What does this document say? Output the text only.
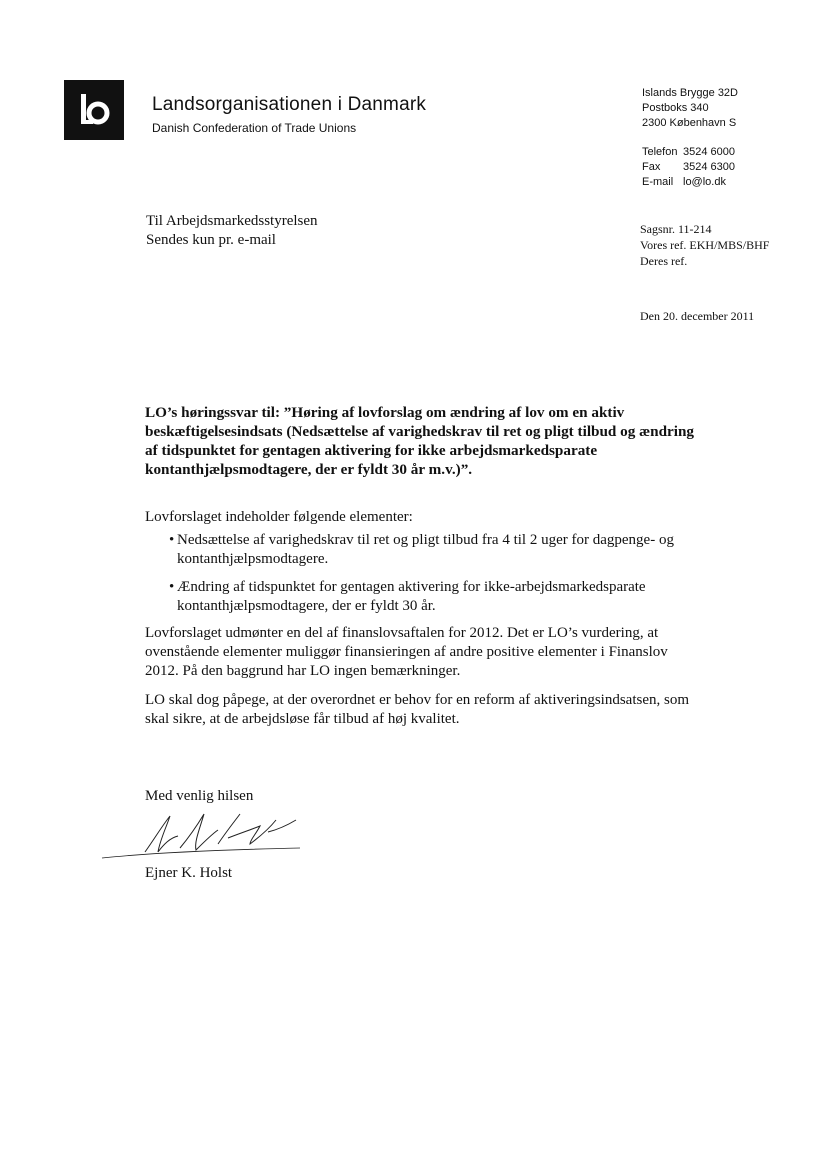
Landsorganisationen i Danmark
Danish Confederation of Trade Unions
Islands Brygge 32D
Postboks 340
2300 København S
Telefon 3524 6000
Fax	3524 6300
E-mail lo@lo.dk
Til Arbejdsmarkedsstyrelsen
Sendes kun pr. e-mail
Sagsnr. 11-214
Vores ref. EKH/MBS/BHF
Deres ref.
Den 20. december 2011
LO’s høringssvar til: ”Høring af lovforslag om ændring af lov om en aktiv beskæftigelsesindsats (Nedsættelse af varighedskrav til ret og pligt tilbud og ændring af tidspunktet for gentagen aktivering for ikke arbejdsmarkedsparate kontanthjælpsmodtagere, der er fyldt 30 år m.v.)”.
Lovforslaget indeholder følgende elementer:
• Nedsættelse af varighedskrav til ret og pligt tilbud fra 4 til 2 uger for dagpenge- og kontanthjælpsmodtagere.
• Ændring af tidspunktet for gentagen aktivering for ikke-arbejdsmarkedsparate kontanthjælpsmodtagere, der er fyldt 30 år.
Lovforslaget udmønter en del af finanslovsaftalen for 2012. Det er LO’s vurdering, at ovenstående elementer muliggør finansieringen af andre positive elementer i Finanslov 2012. På den baggrund har LO ingen bemærkninger.
LO skal dog påpege, at der overordnet er behov for en reform af aktiveringsindsatsen, som skal sikre, at de arbejdsløse får tilbud af høj kvalitet.
Med venlig hilsen
Ejner K. Holst
